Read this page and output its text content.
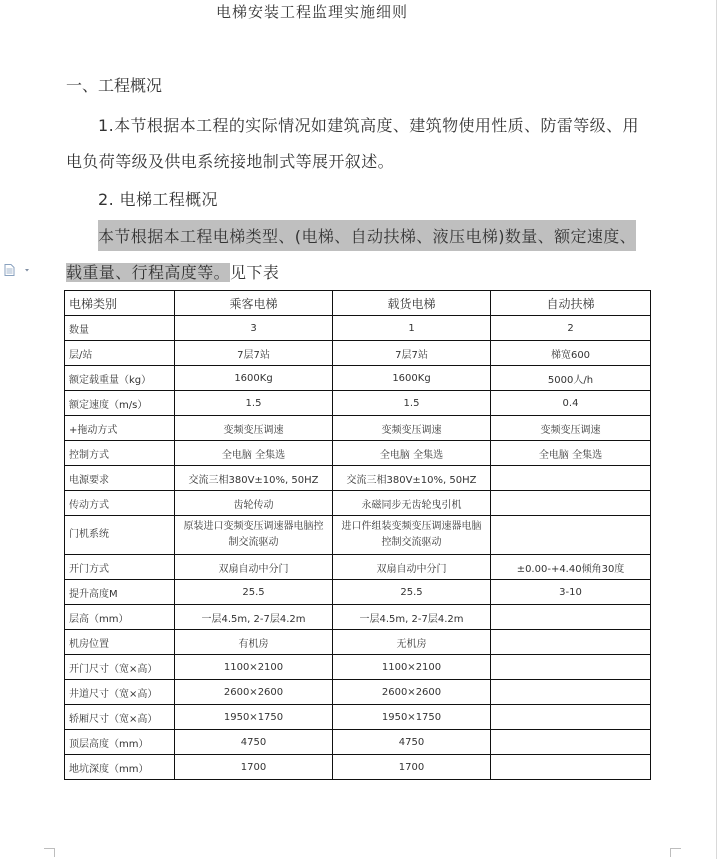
电梯安装工程监理实施细则
一、工程概况
1.本节根据本工程的实际情况如建筑高度、建筑物使用性质、防雷等级、用
电负荷等级及供电系统接地制式等展开叙述。
2. 电梯工程概况
本节根据本工程电梯类型、(电梯、自动扶梯、液压电梯)数量、额定速度、
载重量、行程高度等。见下表
电梯类别	乘客电梯	载货电梯	自动扶梯
数量	3	1	2
层/站	7层7站	7层7站	梯宽600
额定载重量（kg）	1600Kg	1600Kg	5000人/h
额定速度（m/s）	1.5	1.5	0.4
+拖动方式	变频变压调速	变频变压调速	变频变压调速
控制方式	全电脑 全集选	全电脑 全集选	全电脑 全集选
电源要求	交流三相380V±10%, 50HZ	交流三相380V±10%, 50HZ	
传动方式	齿轮传动	永磁同步无齿轮曳引机	
门机系统	原装进口变频变压调速器电脑控制交流驱动	进口件组装变频变压调速器电脑控制交流驱动	
开门方式	双扇自动中分门	双扇自动中分门	±0.00-+4.40倾角30度
提升高度M	25.5	25.5	3-10
层高（mm）	一层4.5m, 2-7层4.2m	一层4.5m, 2-7层4.2m	
机房位置	有机房	无机房	
开门尺寸（宽×高）	1100×2100	1100×2100	
井道尺寸（宽×高）	2600×2600	2600×2600	
轿厢尺寸（宽×高）	1950×1750	1950×1750	
顶层高度（mm）	4750	4750	
地坑深度（mm）	1700	1700	
